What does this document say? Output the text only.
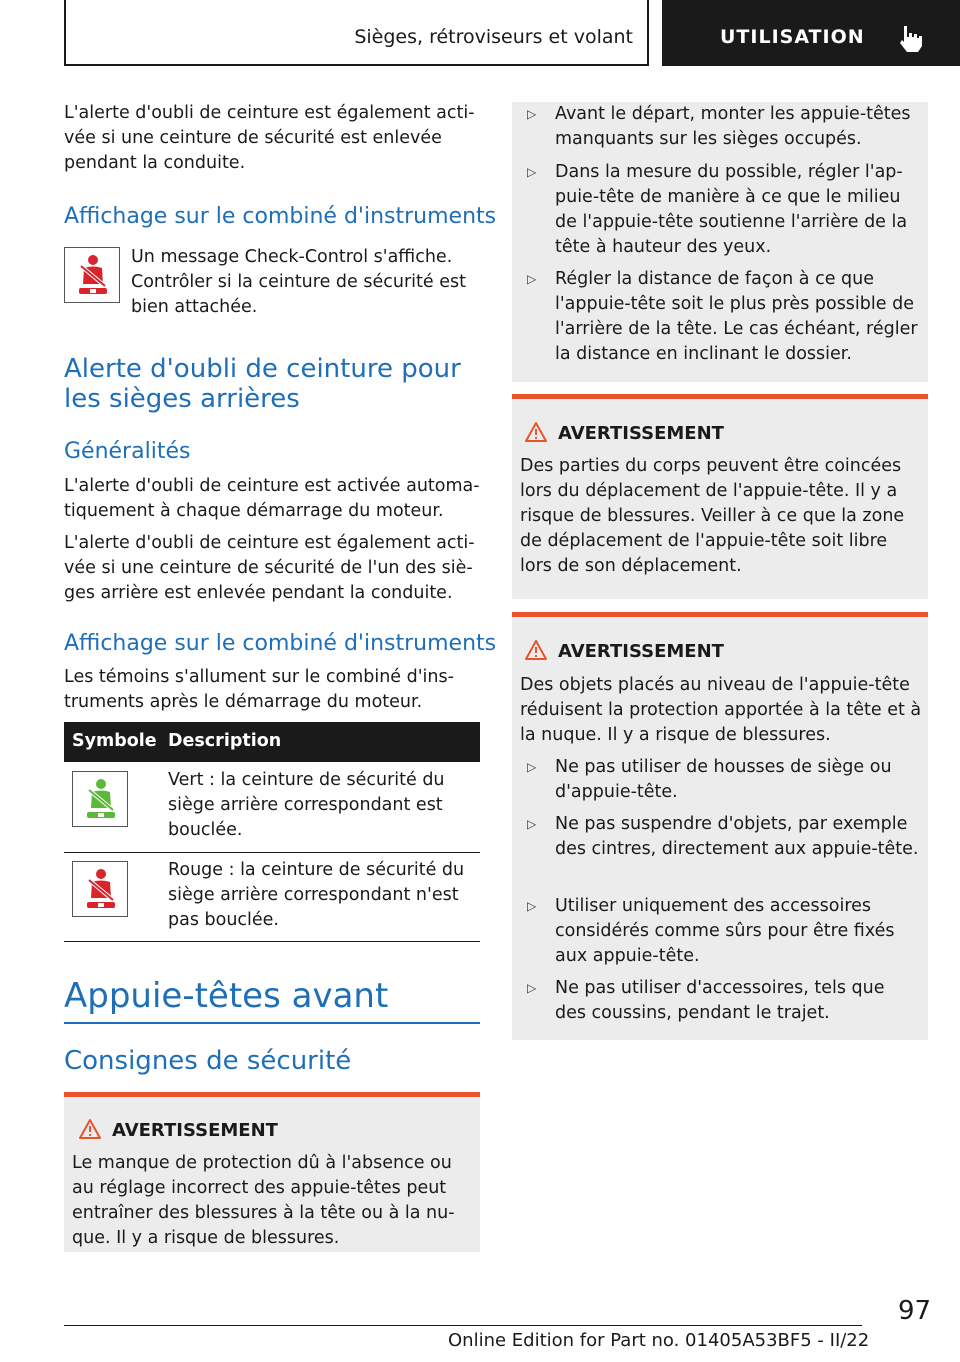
Sièges, rétroviseurs et volant	UTILISATION
L'alerte d'oubli de ceinture est également acti-vée si une ceinture de sécurité est enlevée pendant la conduite.
Affichage sur le combiné d'instruments
Un message Check-Control s'affiche. Contrôler si la ceinture de sécurité est bien attachée.
Alerte d'oubli de ceinture pour les sièges arrières
Généralités
L'alerte d'oubli de ceinture est activée automa-tiquement à chaque démarrage du moteur.
L'alerte d'oubli de ceinture est également acti-vée si une ceinture de sécurité de l'un des siè-ges arrière est enlevée pendant la conduite.
Affichage sur le combiné d'instruments
Les témoins s'allument sur le combiné d'ins-truments après le démarrage du moteur.
Symbole Description
Vert : la ceinture de sécurité du siège arrière correspondant est bouclée.
Rouge : la ceinture de sécurité du siège arrière correspondant n'est pas bouclée.
Appuie-têtes avant
Consignes de sécurité
AVERTISSEMENT
Le manque de protection dû à l'absence ou au réglage incorrect des appuie-têtes peut entraîner des blessures à la tête ou à la nu-que. Il y a risque de blessures.
▷ Avant le départ, monter les appuie-têtes manquants sur les sièges occupés.
▷ Dans la mesure du possible, régler l'ap-puie-tête de manière à ce que le milieu de l'appuie-tête soutienne l'arrière de la tête à hauteur des yeux.
▷ Régler la distance de façon à ce que l'appuie-tête soit le plus près possible de l'arrière de la tête. Le cas échéant, régler la distance en inclinant le dossier.
AVERTISSEMENT
Des parties du corps peuvent être coincées lors du déplacement de l'appuie-tête. Il y a risque de blessures. Veiller à ce que la zone de déplacement de l'appuie-tête soit libre lors de son déplacement.
AVERTISSEMENT
Des objets placés au niveau de l'appuie-tête réduisent la protection apportée à la tête et à la nuque. Il y a risque de blessures.
▷ Ne pas utiliser de housses de siège ou d'appuie-tête.
▷ Ne pas suspendre d'objets, par exemple des cintres, directement aux appuie-tête.
▷ Utiliser uniquement des accessoires considérés comme sûrs pour être fixés aux appuie-tête.
▷ Ne pas utiliser d'accessoires, tels que des coussins, pendant le trajet.
97
Online Edition for Part no. 01405A53BF5 - II/22
